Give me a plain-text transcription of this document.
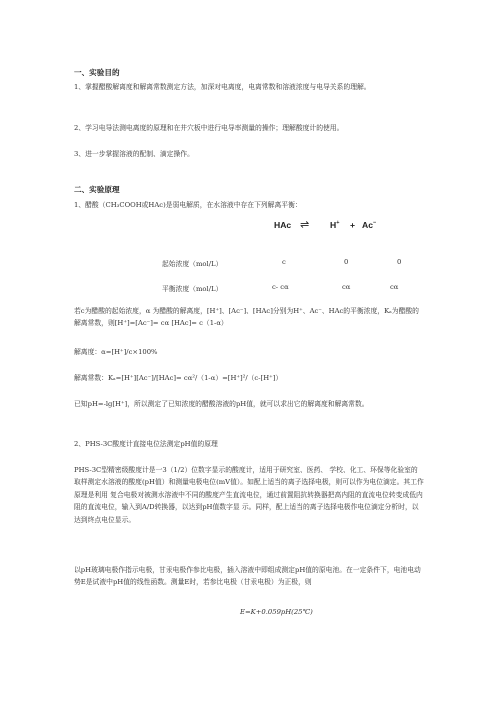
一、实验目的

1、掌握醋酸解离度和解离常数测定方法，加深对电离度，电离常数和溶液浓度与电导关系的理解。

2、学习电导法测电离度的原理和在井穴板中进行电导率测量的操作；理解酸度计的使用。

3、进一步掌握溶液的配制、滴定操作。

二、实验原理

1、醋酸（CH₃COOH或HAc)是弱电解质，在水溶液中存在下列解离平衡：

HAc ⇌ H+ + Ac−
起始浓度（mol/L）	c	0	0
平衡浓度（mol/L）	c- cα	cα	cα

若c为醋酸的起始浓度，α 为醋酸的解离度，[H⁺]、[Ac⁻]、[HAc]分别为H⁺、Ac⁻、HAc的平衡浓度，Kₐ为醋酸的解离常数，则[H⁺]=[Ac⁻]= cα [HAc]= c（1-α）

解离度：α=[H⁺]/c×100%

解离常数：Kₐ=[H⁺][Ac⁻]/[HAc]= cα²/（1-α）=[H⁺]²/（c-[H⁺]）

已知pH=-lg[H⁺]，所以测定了已知浓度的醋酸溶液的pH值，就可以求出它的解离度和解离常数。

2、PHS-3C酸度计直接电位法测定pH值的原理

PHS-3C型精密级酸度计是一3（1/2）位数字显示的酸度计，适用于研究室、医药、 学校、化工、环保等化验室的取样测定水溶液的酸度(pH值）和测量电极电位(mV值）。如配上适当的离子选择电极，则可以作为电位滴定。其工作原理是利用 复合电极对被测水溶液中不同的酸度产生直流电位，通过前置阻抗转换器把高内阻的直流电位转变成低内阻的直流电位，输入到A/D转换器，以达到pH值数字显 示。同样，配上适当的离子选择电极作电位滴定分析时，以达到终点电位显示。

以pH玻璃电极作指示电极，甘汞电极作参比电极，插入溶液中即组成测定pH值的原电池。在一定条件下，电池电动势E是试液中pH值的线性函数。测量E时，若参比电极（甘汞电极）为正极，则

E=K+0.059pH(25℃)
